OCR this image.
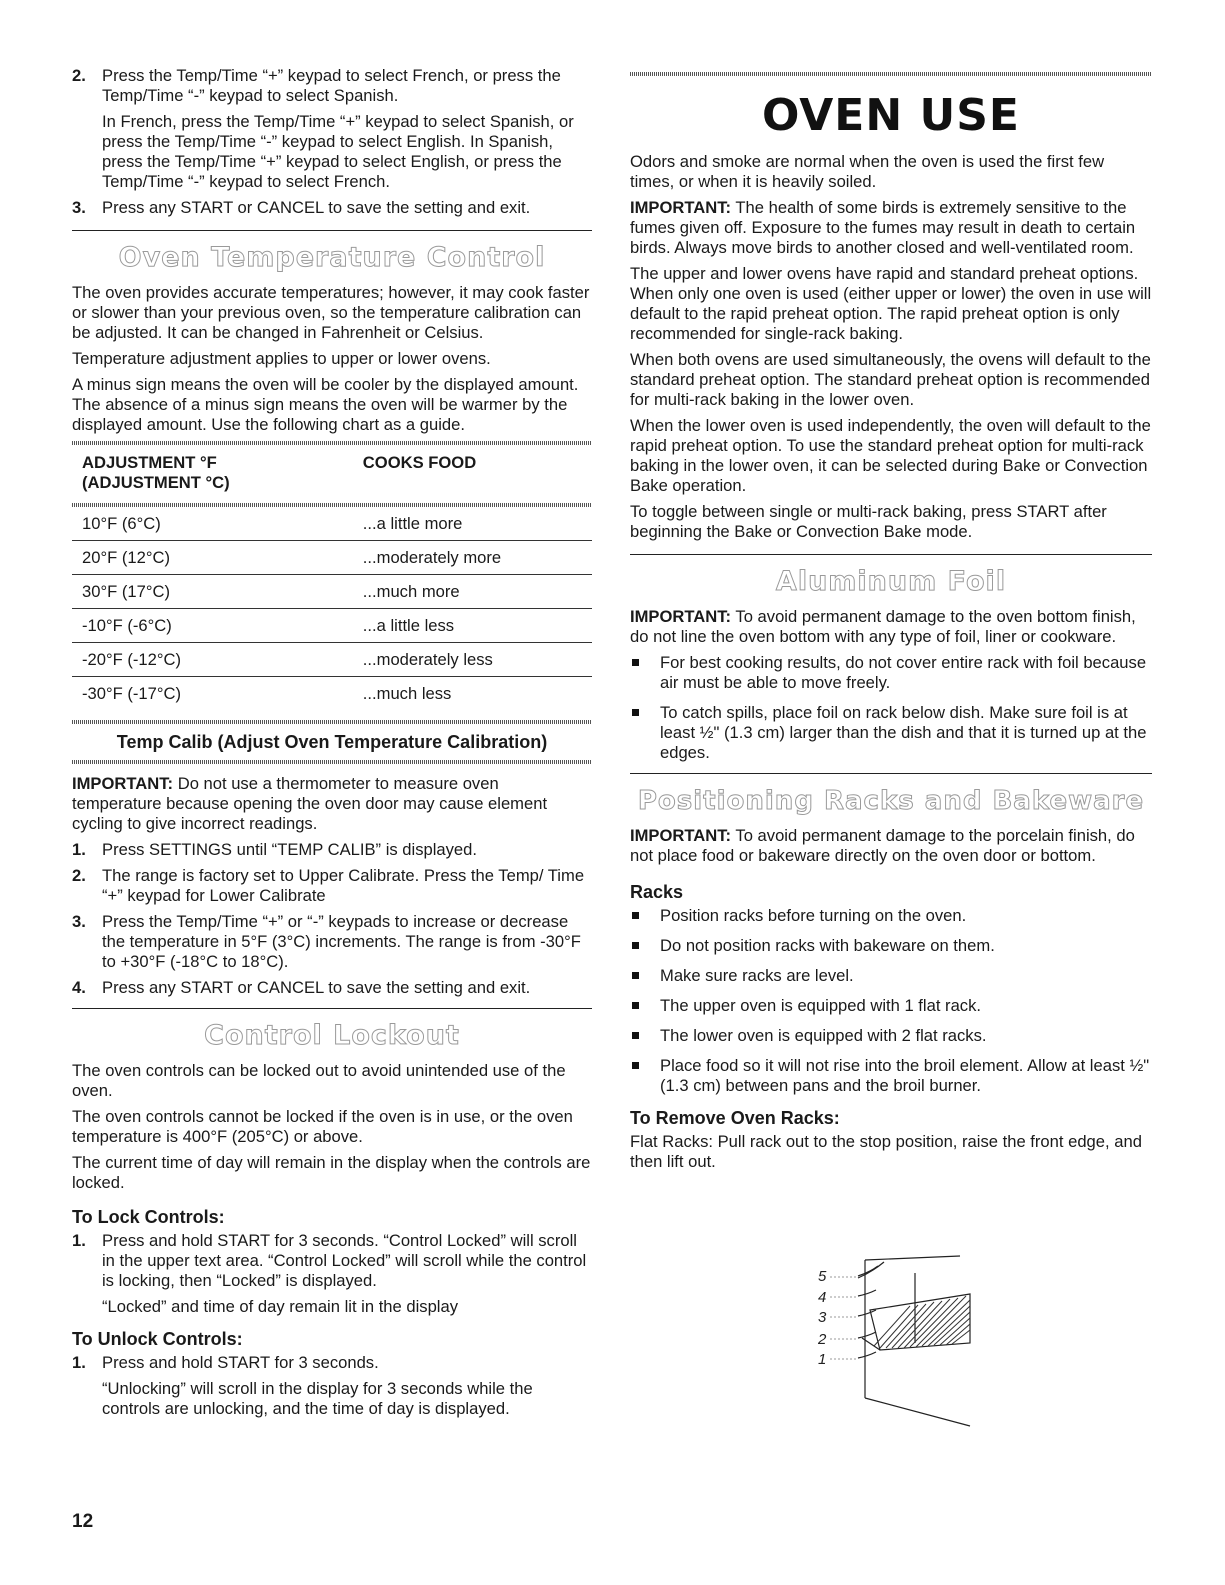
2. Press the Temp/Time “+” keypad to select French, or press the Temp/Time “-” keypad to select Spanish.

In French, press the Temp/Time “+” keypad to select Spanish, or press the Temp/Time “-” keypad to select English. In Spanish, press the Temp/Time “+” keypad to select English, or press the Temp/Time “-” keypad to select French.

3. Press any START or CANCEL to save the setting and exit.
Oven Temperature Control

The oven provides accurate temperatures; however, it may cook faster or slower than your previous oven, so the temperature calibration can be adjusted. It can be changed in Fahrenheit or Celsius.

Temperature adjustment applies to upper or lower ovens.

A minus sign means the oven will be cooler by the displayed amount. The absence of a minus sign means the oven will be warmer by the displayed amount. Use the following chart as a guide.

ADJUSTMENT °F
(ADJUSTMENT °C)	COOKS FOOD

10°F (6°C)	...a little more
20°F (12°C)	...moderately more
30°F (17°C)	...much more
-10°F (-6°C)	...a little less
-20°F (-12°C)	...moderately less
-30°F (-17°C)	...much less
Temp Calib (Adjust Oven Temperature Calibration)

IMPORTANT: Do not use a thermometer to measure oven temperature because opening the oven door may cause element cycling to give incorrect readings.

1. Press SETTINGS until “TEMP CALIB” is displayed.
2. The range is factory set to Upper Calibrate. Press the Temp/ Time “+” keypad for Lower Calibrate
3. Press the Temp/Time “+” or “-” keypads to increase or decrease the temperature in 5°F (3°C) increments. The range is from -30°F to +30°F (-18°C to 18°C).
4. Press any START or CANCEL to save the setting and exit.
Control Lockout

The oven controls can be locked out to avoid unintended use of the oven.

The oven controls cannot be locked if the oven is in use, or the oven temperature is 400°F (205°C) or above.

The current time of day will remain in the display when the controls are locked.

To Lock Controls:
1. Press and hold START for 3 seconds. “Control Locked” will scroll in the upper text area. “Control Locked” will scroll while the control is locking, then “Locked” is displayed.

“Locked” and time of day remain lit in the display

To Unlock Controls:
1. Press and hold START for 3 seconds.

“Unlocking” will scroll in the display for 3 seconds while the controls are unlocking, and the time of day is displayed.

OVEN USE

Odors and smoke are normal when the oven is used the first few times, or when it is heavily soiled.

IMPORTANT: The health of some birds is extremely sensitive to the fumes given off. Exposure to the fumes may result in death to certain birds. Always move birds to another closed and well-ventilated room.

The upper and lower ovens have rapid and standard preheat options. When only one oven is used (either upper or lower) the oven in use will default to the rapid preheat option. The rapid preheat option is only recommended for single-rack baking.

When both ovens are used simultaneously, the ovens will default to the standard preheat option. The standard preheat option is recommended for multi-rack baking in the lower oven.

When the lower oven is used independently, the oven will default to the rapid preheat option. To use the standard preheat option for multi-rack baking in the lower oven, it can be selected during Bake or Convection Bake operation.

To toggle between single or multi-rack baking, press START after beginning the Bake or Convection Bake mode.

Aluminum Foil

IMPORTANT: To avoid permanent damage to the oven bottom finish, do not line the oven bottom with any type of foil, liner or cookware.

For best cooking results, do not cover entire rack with foil because air must be able to move freely.
To catch spills, place foil on rack below dish. Make sure foil is at least ½" (1.3 cm) larger than the dish and that it is turned up at the edges.
Positioning Racks and Bakeware

IMPORTANT: To avoid permanent damage to the porcelain finish, do not place food or bakeware directly on the oven door or bottom.

Racks
Position racks before turning on the oven.
Do not position racks with bakeware on them.
Make sure racks are level.
The upper oven is equipped with 1 flat rack.
The lower oven is equipped with 2 flat racks.
Place food so it will not rise into the broil element. Allow at least ½" (1.3 cm) between pans and the broil burner.
To Remove Oven Racks:

Flat Racks: Pull rack out to the stop position, raise the front edge, and then lift out.

5
4
3
2
1
12
